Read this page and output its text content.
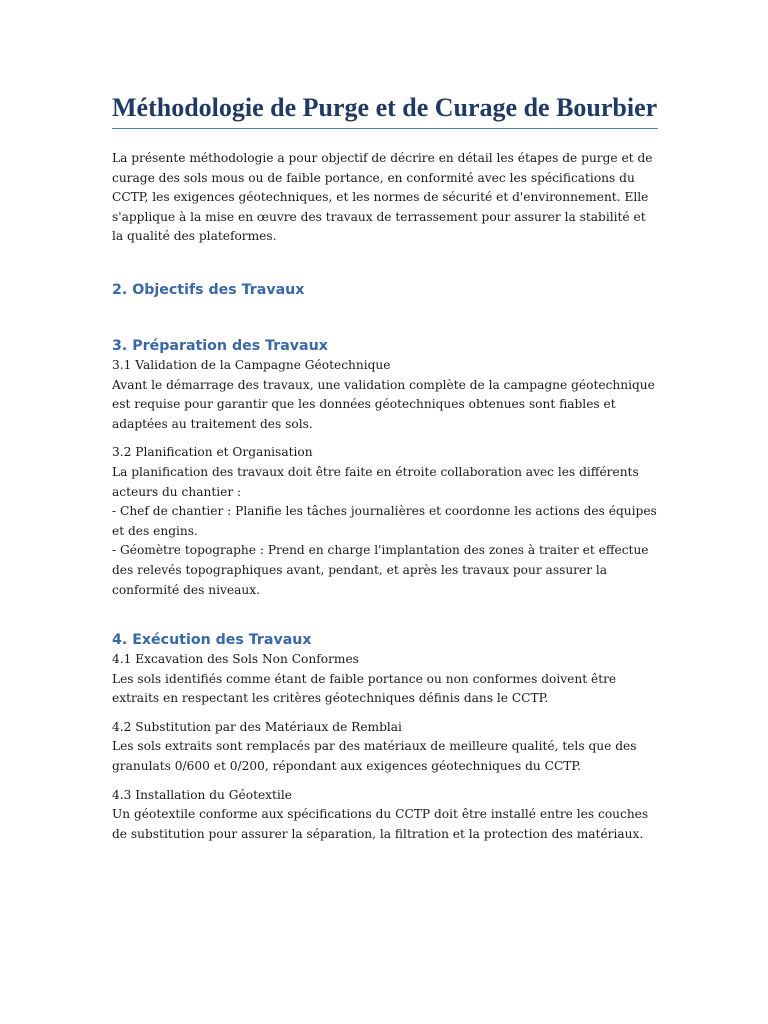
Méthodologie de Purge et de Curage de Bourbier

La présente méthodologie a pour objectif de décrire en détail les étapes de purge et de curage des sols mous ou de faible portance, en conformité avec les spécifications du CCTP, les exigences géotechniques, et les normes de sécurité et d'environnement. Elle s'applique à la mise en œuvre des travaux de terrassement pour assurer la stabilité et la qualité des plateformes.

2. Objectifs des Travaux
3. Préparation des Travaux
3.1 Validation de la Campagne Géotechnique
Avant le démarrage des travaux, une validation complète de la campagne géotechnique est requise pour garantir que les données géotechniques obtenues sont fiables et adaptées au traitement des sols.
3.2 Planification et Organisation
La planification des travaux doit être faite en étroite collaboration avec les différents acteurs du chantier :
- Chef de chantier : Planifie les tâches journalières et coordonne les actions des équipes et des engins.
- Géomètre topographe : Prend en charge l'implantation des zones à traiter et effectue des relevés topographiques avant, pendant, et après les travaux pour assurer la conformité des niveaux.
4. Exécution des Travaux
4.1 Excavation des Sols Non Conformes
Les sols identifiés comme étant de faible portance ou non conformes doivent être extraits en respectant les critères géotechniques définis dans le CCTP.
4.2 Substitution par des Matériaux de Remblai
Les sols extraits sont remplacés par des matériaux de meilleure qualité, tels que des granulats 0/600 et 0/200, répondant aux exigences géotechniques du CCTP.
4.3 Installation du Géotextile
Un géotextile conforme aux spécifications du CCTP doit être installé entre les couches de substitution pour assurer la séparation, la filtration et la protection des matériaux.
